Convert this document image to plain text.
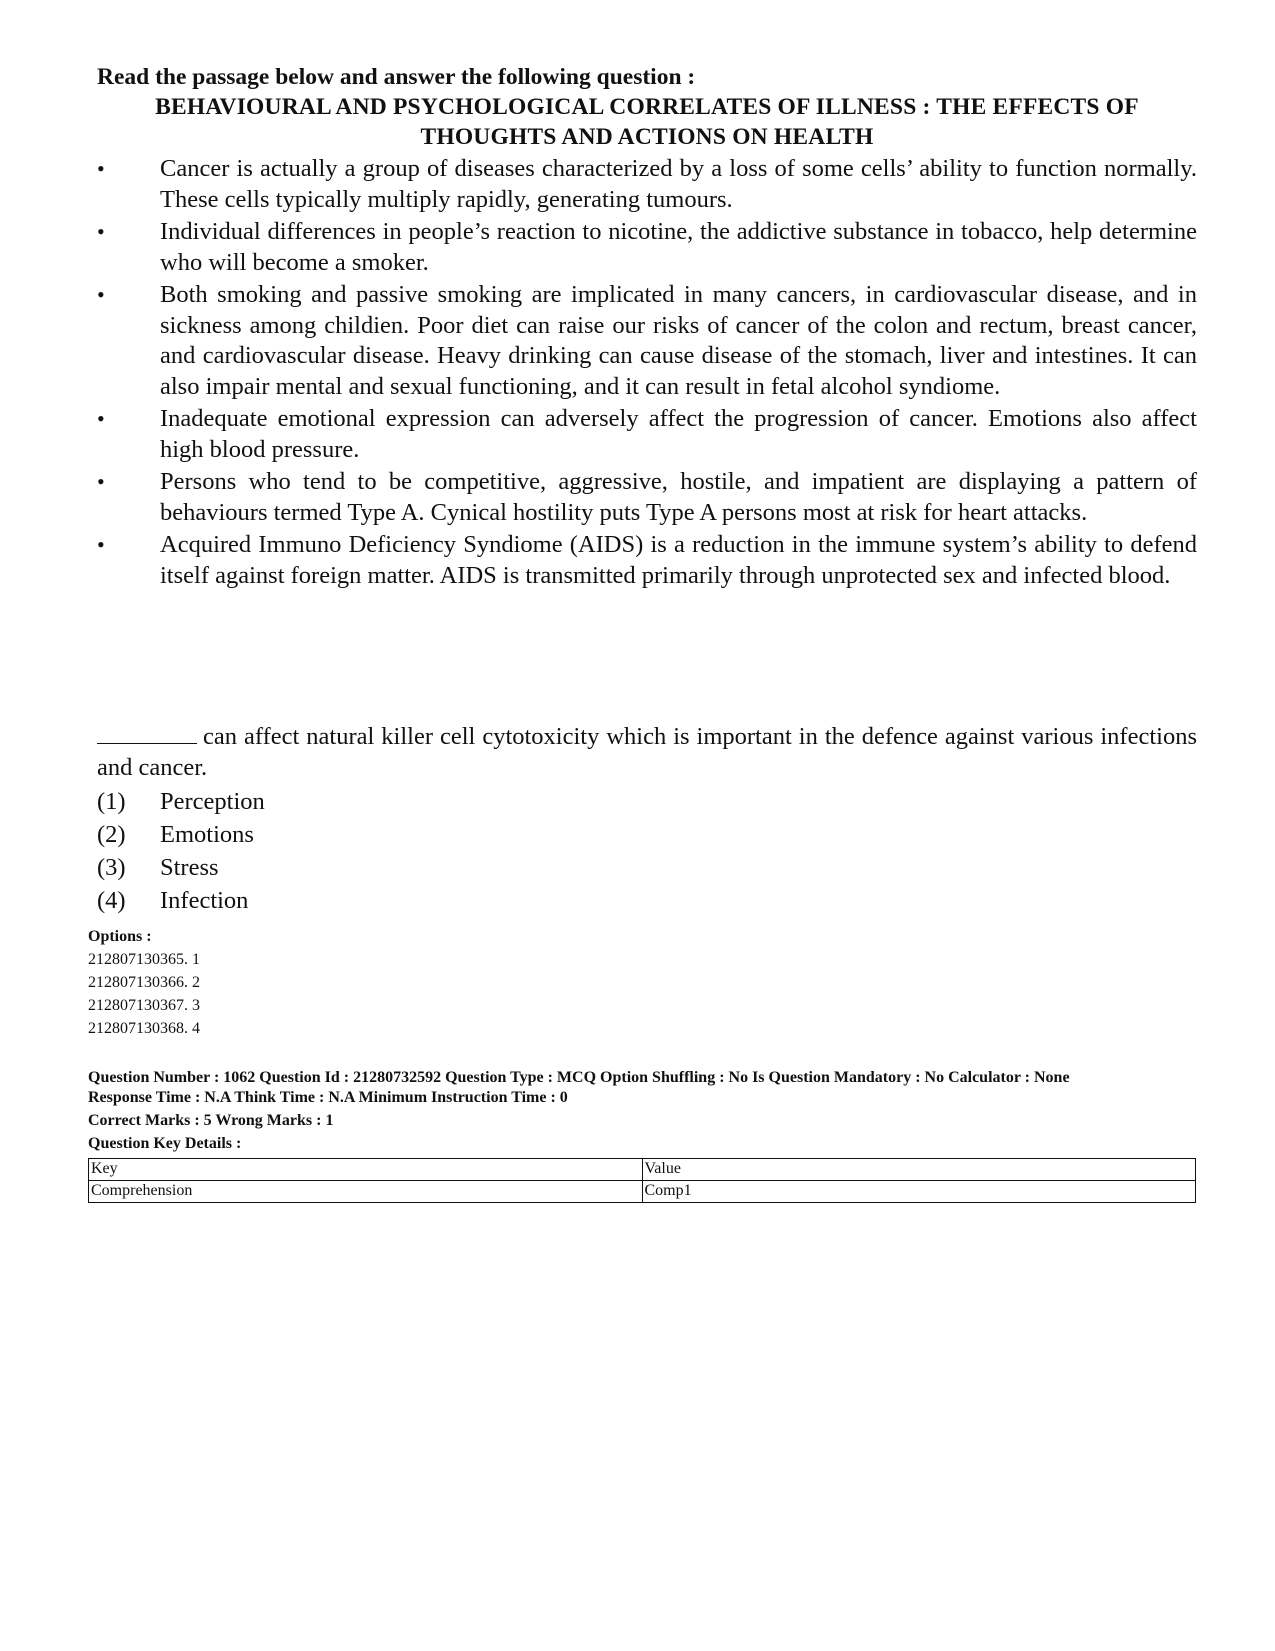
Read the passage below and answer the following question :

BEHAVIOURAL AND PSYCHOLOGICAL CORRELATES OF ILLNESS : THE EFFECTS OF THOUGHTS AND ACTIONS ON HEALTH

• Cancer is actually a group of diseases characterized by a loss of some cells’ ability to function normally. These cells typically multiply rapidly, generating tumours.
• Individual differences in people’s reaction to nicotine, the addictive substance in tobacco, help determine who will become a smoker.
• Both smoking and passive smoking are implicated in many cancers, in cardiovascular disease, and in sickness among childien. Poor diet can raise our risks of cancer of the colon and rectum, breast cancer, and cardiovascular disease. Heavy drinking can cause disease of the stomach, liver and intestines. It can also impair mental and sexual functioning, and it can result in fetal alcohol syndiome.
• Inadequate emotional expression can adversely affect the progression of cancer. Emotions also affect high blood pressure.
• Persons who tend to be competitive, aggressive, hostile, and impatient are displaying a pattern of behaviours termed Type A. Cynical hostility puts Type A persons most at risk for heart attacks.
• Acquired Immuno Deficiency Syndiome (AIDS) is a reduction in the immune system’s ability to defend itself against foreign matter. AIDS is transmitted primarily through unprotected sex and infected blood.

can affect natural killer cell cytotoxicity which is important in the defence against various infections and cancer.

(1)	Perception
(2)	Emotions
(3)	Stress
(4)	Infection

Options :

212807130365. 1

212807130366. 2

212807130367. 3

212807130368. 4

Question Number : 1062 Question Id : 21280732592 Question Type : MCQ Option Shuffling : No Is Question Mandatory : No Calculator : None

Response Time : N.A Think Time : N.A Minimum Instruction Time : 0

Correct Marks : 5 Wrong Marks : 1

Question Key Details :

Key	Value
Comprehension	Comp1
